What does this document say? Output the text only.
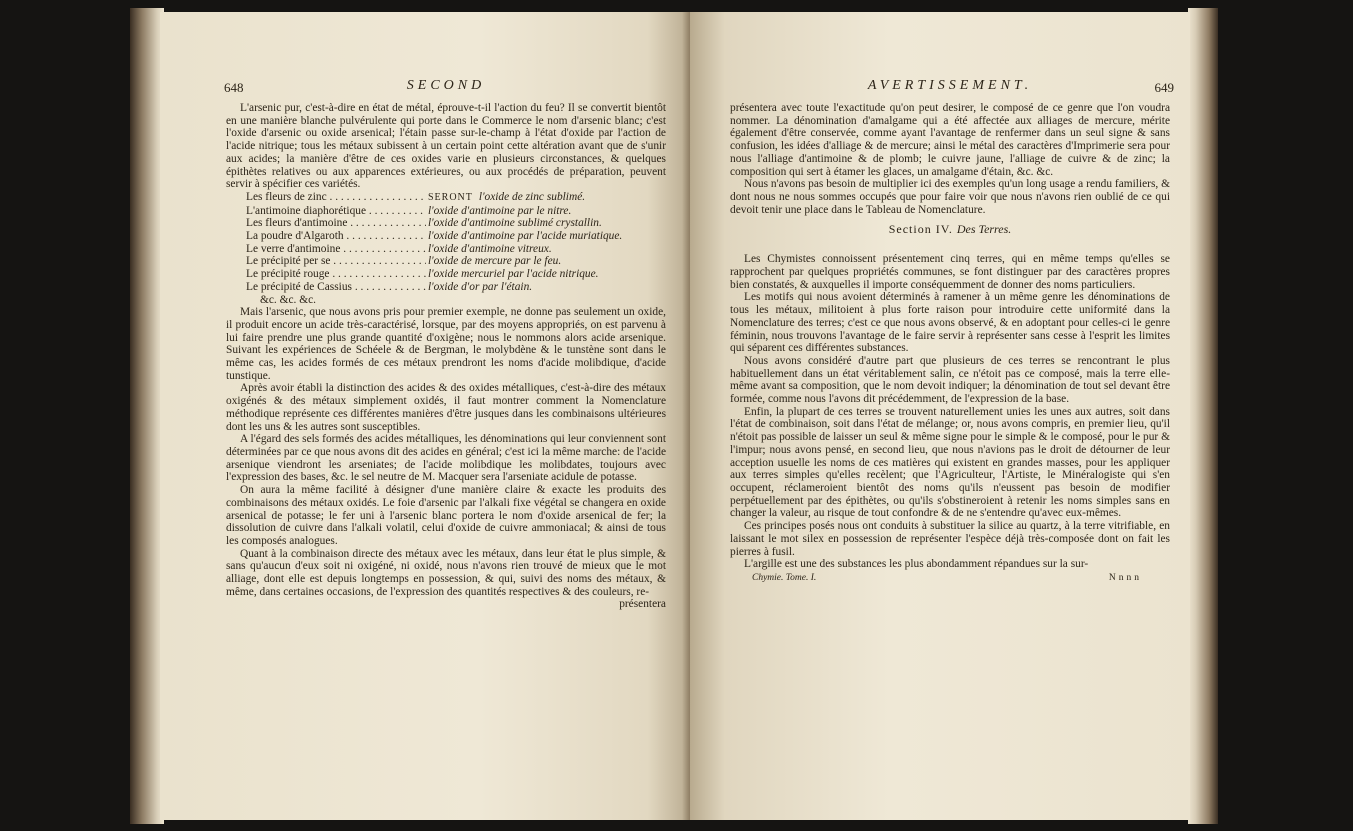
648	SECOND

L'arsenic pur, c'est-à-dire en état de métal, éprouve-t-il l'action du feu? Il se convertit bientôt en une manière blanche pulvérulente qui porte dans le Commerce le nom d'arsenic blanc; c'est l'oxide d'arsenic ou oxide arsenical; l'étain passe sur-le-champ à l'état d'oxide par l'action de l'acide nitrique; tous les métaux subissent à un certain point cette altération avant que de s'unir aux acides; la manière d'être de ces oxides varie en plusieurs circonstances, & quelques épithètes relatives ou aux apparences extérieures, ou aux procédés de préparation, peuvent servir à spécifier ces variétés.

Les fleurs de zinc . . .	SERONT l'oxide de zinc sublimé.
L'antimoine diaphorétique . . .	l'oxide d'antimoine par le nitre.
Les fleurs d'antimoine . . .	l'oxide d'antimoine sublimé crystallin.
La poudre d'Algaroth . . .	l'oxide d'antimoine par l'acide muriatique.
Le verre d'antimoine . . .	l'oxide d'antimoine vitreux.
Le précipité per se . . .	l'oxide de mercure par le feu.
Le précipité rouge . . .	l'oxide mercuriel par l'acide nitrique.
Le précipité de Cassius . . .	l'oxide d'or par l'étain.
&c. &c. &c.

Mais l'arsenic, que nous avons pris pour premier exemple, ne donne pas seulement un oxide, il produit encore un acide très-caractérisé, lorsque, par des moyens appropriés, on est parvenu à lui faire prendre une plus grande quantité d'oxigène; nous le nommons alors acide arsenique. Suivant les expériences de Schéele & de Bergman, le molybdène & le tunstène sont dans le même cas, les acides formés de ces métaux prendront les noms d'acide molibdique, d'acide tunstique.

Après avoir établi la distinction des acides & des oxides métalliques, c'est-à-dire des métaux oxigénés & des métaux simplement oxidés, il faut montrer comment la Nomenclature méthodique représente ces différentes manières d'être jusques dans les combinaisons ultérieures dont les uns & les autres sont susceptibles.

A l'égard des sels formés des acides métalliques, les dénominations qui leur conviennent sont déterminées par ce que nous avons dit des acides en général; c'est ici la même marche: de l'acide arsenique viendront les arseniates; de l'acide molibdique les molibdates, toujours avec l'expression des bases, &c. le sel neutre de M. Macquer sera l'arseniate acidule de potasse.

On aura la même facilité à désigner d'une manière claire & exacte les produits des combinaisons des métaux oxidés. Le foie d'arsenic par l'alkali fixe végétal se changera en oxide arsenical de potasse; le fer uni à l'arsenic blanc portera le nom d'oxide arsenical de fer; la dissolution de cuivre dans l'alkali volatil, celui d'oxide de cuivre ammoniacal; & ainsi de tous les composés analogues.

Quant à la combinaison directe des métaux avec les métaux, dans leur état le plus simple, & sans qu'aucun d'eux soit ni oxigéné, ni oxidé, nous n'avons rien trouvé de mieux que le mot alliage, dont elle est depuis longtemps en possession, & qui, suivi des noms des métaux, & même, dans certaines occasions, de l'expression des quantités respectives & des couleurs, re-

présentera
AVERTISSEMENT.	649

présentera avec toute l'exactitude qu'on peut desirer, le composé de ce genre que l'on voudra nommer. La dénomination d'amalgame qui a été affectée aux alliages de mercure, mérite également d'être conservée, comme ayant l'avantage de renfermer dans un seul signe & sans confusion, les idées d'alliage & de mercure; ainsi le métal des caractères d'Imprimerie sera pour nous l'alliage d'antimoine & de plomb; le cuivre jaune, l'alliage de cuivre & de zinc; la composition qui sert à étamer les glaces, un amalgame d'étain, &c. &c.

Nous n'avons pas besoin de multiplier ici des exemples qu'un long usage a rendu familiers, & dont nous ne nous sommes occupés que pour faire voir que nous n'avons rien oublié de ce qui devoit tenir une place dans le Tableau de Nomenclature.

Section IV. Des Terres.

Les Chymistes connoissent présentement cinq terres, qui en même temps qu'elles se rapprochent par quelques propriétés communes, se font distinguer par des caractères propres bien constatés, & auxquelles il importe conséquemment de donner des noms particuliers.

Les motifs qui nous avoient déterminés à ramener à un même genre les dénominations de tous les métaux, militoient à plus forte raison pour introduire cette uniformité dans la Nomenclature des terres; c'est ce que nous avons observé, & en adoptant pour celles-ci le genre féminin, nous trouvons l'avantage de le faire servir à représenter sans cesse à l'esprit les limites qui séparent ces différentes substances.

Nous avons considéré d'autre part que plusieurs de ces terres se rencontrant le plus habituellement dans un état véritablement salin, ce n'étoit pas ce composé, mais la terre elle-même avant sa composition, que le nom devoit indiquer; la dénomination de tout sel devant être formée, comme nous l'avons dit précédemment, de l'expression de la base.

Enfin, la plupart de ces terres se trouvent naturellement unies les unes aux autres, soit dans l'état de combinaison, soit dans l'état de mélange; or, nous avons compris, en premier lieu, qu'il n'étoit pas possible de laisser un seul & même signe pour le simple & le composé, pour le pur & l'impur; nous avons pensé, en second lieu, que nous n'avions pas le droit de détourner de leur acception usuelle les noms de ces matières qui existent en grandes masses, pour les appliquer aux terres simples qu'elles recèlent; que l'Agriculteur, l'Artiste, le Minéralogiste qui s'en occupent, réclameroient bientôt des noms qu'ils n'eussent pas besoin de modifier perpétuellement par des épithètes, ou qu'ils s'obstineroient à retenir les noms simples sans en changer la valeur, au risque de tout confondre & de ne s'entendre qu'avec eux-mêmes.

Ces principes posés nous ont conduits à substituer la silice au quartz, à la terre vitrifiable, en laissant le mot silex en possession de représenter l'espèce déjà très-composée dont on fait les pierres à fusil.

L'argille est une des substances les plus abondamment répandues sur la sur-

Chymie. Tome. I.	Nnnn
